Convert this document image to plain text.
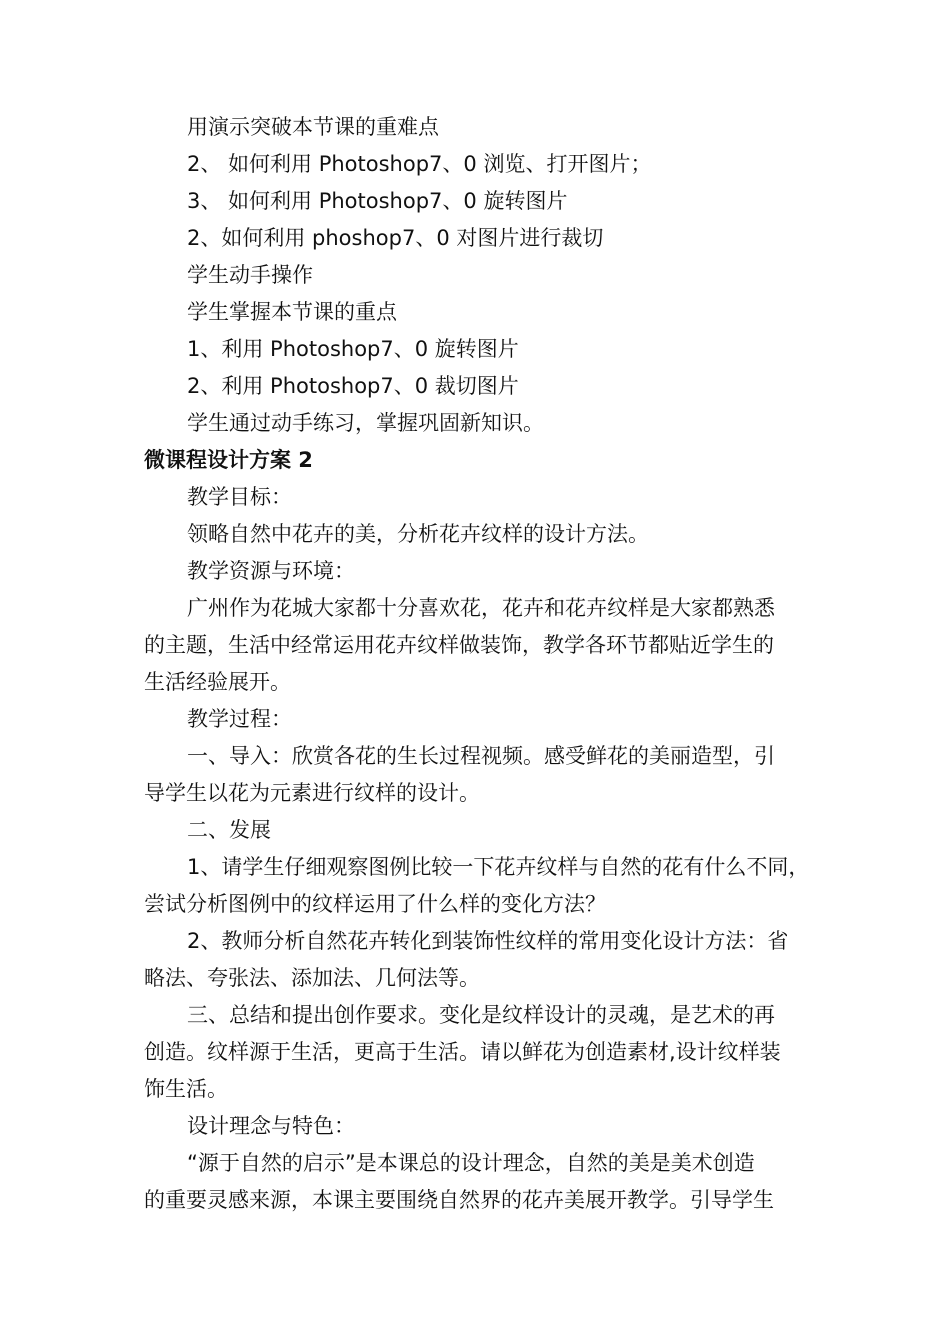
用演示突破本节课的重难点
2、 如何利用 Photoshop7、0 浏览、打开图片；
3、 如何利用 Photoshop7、0 旋转图片
2、如何利用 phoshop7、0 对图片进行裁切
学生动手操作
学生掌握本节课的重点
1、利用 Photoshop7、0 旋转图片
2、利用 Photoshop7、0 裁切图片
学生通过动手练习，掌握巩固新知识。
微课程设计方案 2
教学目标：
领略自然中花卉的美，分析花卉纹样的设计方法。
教学资源与环境：
广州作为花城大家都十分喜欢花，花卉和花卉纹样是大家都熟悉
的主题，生活中经常运用花卉纹样做装饰，教学各环节都贴近学生的
生活经验展开。
教学过程：
一、导入：欣赏各花的生长过程视频。感受鲜花的美丽造型，引
导学生以花为元素进行纹样的设计。
二、发展
1、请学生仔细观察图例比较一下花卉纹样与自然的花有什么不同，
尝试分析图例中的纹样运用了什么样的变化方法？
2、教师分析自然花卉转化到装饰性纹样的常用变化设计方法：省
略法、夸张法、添加法、几何法等。
三、总结和提出创作要求。变化是纹样设计的灵魂，是艺术的再
创造。纹样源于生活，更高于生活。请以鲜花为创造素材,设计纹样装
饰生活。
设计理念与特色：
“源于自然的启示”是本课总的设计理念，自然的美是美术创造
的重要灵感来源，本课主要围绕自然界的花卉美展开教学。引导学生
